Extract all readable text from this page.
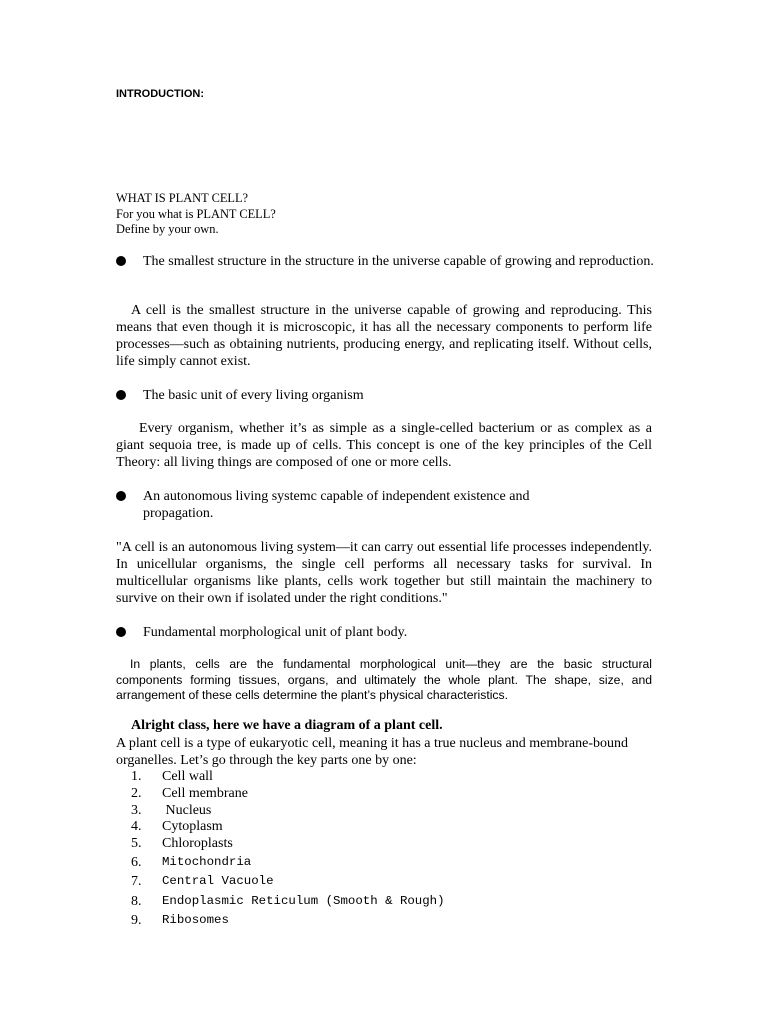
INTRODUCTION:
WHAT IS PLANT CELL?
For you what is PLANT CELL?
Define by your own.
The smallest structure in the structure in the universe capable of growing and reproduction.
A cell is the smallest structure in the universe capable of growing and reproducing. This means that even though it is microscopic, it has all the necessary components to perform life processes—such as obtaining nutrients, producing energy, and replicating itself. Without cells, life simply cannot exist.
The basic unit of every living organism
Every organism, whether it’s as simple as a single-celled bacterium or as complex as a giant sequoia tree, is made up of cells. This concept is one of the key principles of the Cell Theory: all living things are composed of one or more cells.
An autonomous living systemc capable of independent existence and propagation.
"A cell is an autonomous living system—it can carry out essential life processes independently. In unicellular organisms, the single cell performs all necessary tasks for survival. In multicellular organisms like plants, cells work together but still maintain the machinery to survive on their own if isolated under the right conditions."
Fundamental morphological unit of plant body.
In plants, cells are the fundamental morphological unit—they are the basic structural components forming tissues, organs, and ultimately the whole plant. The shape, size, and arrangement of these cells determine the plant’s physical characteristics.
Alright class, here we have a diagram of a plant cell.
A plant cell is a type of eukaryotic cell, meaning it has a true nucleus and membrane-bound organelles. Let’s go through the key parts one by one:
1. Cell wall
2. Cell membrane
3. Nucleus
4. Cytoplasm
5. Chloroplasts
6. Mitochondria
7. Central Vacuole
8. Endoplasmic Reticulum (Smooth & Rough)
9. Ribosomes
